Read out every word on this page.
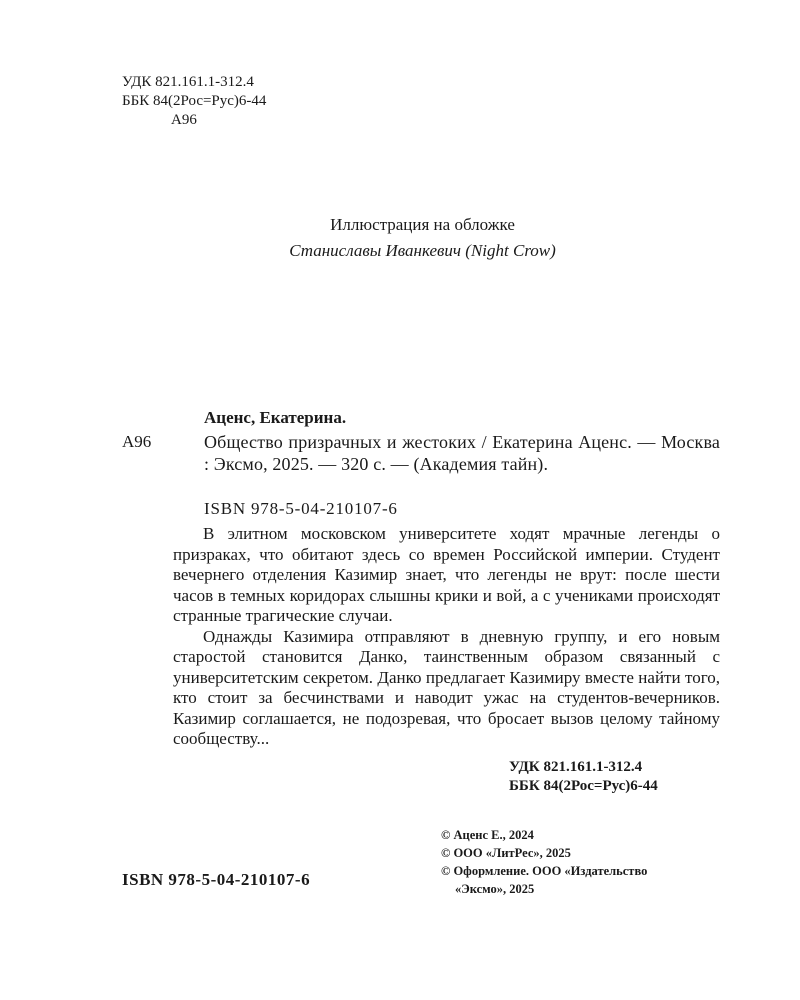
УДК 821.161.1-312.4
ББК 84(2Рос=Рус)6-44
А96
Иллюстрация на обложке
Станиславы Иванкевич (Night Crow)
Аценс, Екатерина.
А96	Общество призрачных и жестоких / Екатерина Аценс. — Москва : Эксмо, 2025. — 320 с. — (Академия тайн).
ISBN 978-5-04-210107-6

В элитном московском университете ходят мрачные легенды о призраках, что обитают здесь со времен Российской империи. Студент вечернего отделения Казимир знает, что легенды не врут: после шести часов в темных коридорах слышны крики и вой, а с учениками происходят странные трагические случаи.

Однажды Казимира отправляют в дневную группу, и его новым старостой становится Данко, таинственным образом связанный с университетским секретом. Данко предлагает Казимиру вместе найти того, кто стоит за бесчинствами и наводит ужас на студентов-вечерников. Казимир соглашается, не подозревая, что бросает вызов целому тайному сообществу...

УДК 821.161.1-312.4
ББК 84(2Рос=Рус)6-44
© Аценс Е., 2024
© ООО «ЛитРес», 2025
© Оформление. ООО «Издательство
«Эксмо», 2025
ISBN 978-5-04-210107-6
